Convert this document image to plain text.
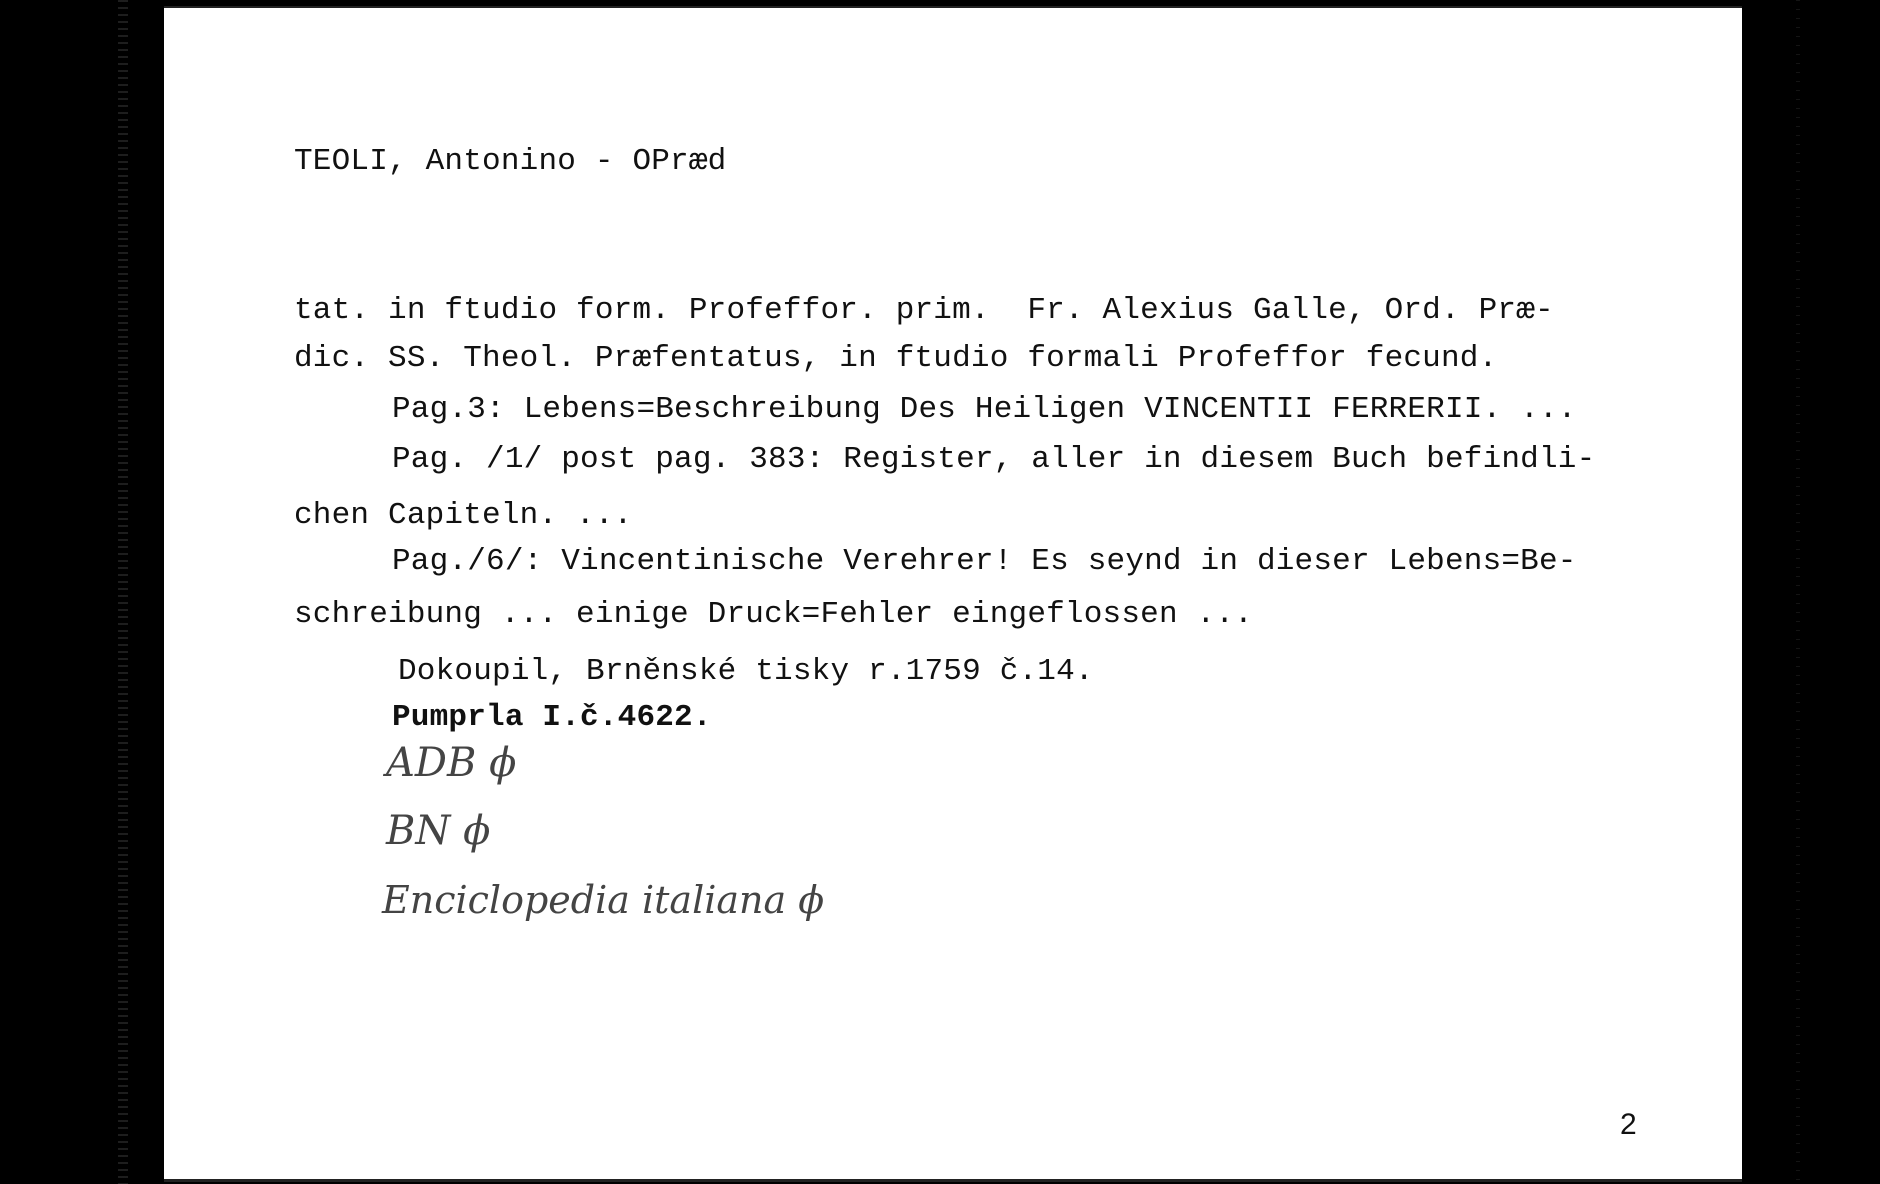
TEOLI, Antonino - OPræd
tat. in ftudio form. Profeffor. prim.  Fr. Alexius Galle, Ord. Præ-
dic. SS. Theol. Præfentatus, in ftudio formali Profeffor fecund.
Pag.3: Lebens=Beschreibung Des Heiligen VINCENTII FERRERII. ...
Pag. /1/ post pag. 383: Register, aller in diesem Buch befindli-
chen Capiteln. ...
Pag./6/: Vincentinische Verehrer! Es seynd in dieser Lebens=Be-
schreibung ... einige Druck=Fehler eingeflossen ...
Dokoupil, Brněnské tisky r.1759 č.14.
Pumprla I.č.4622.
ADB ϕ
BN ϕ
Enciclopedia italiana ϕ
2
